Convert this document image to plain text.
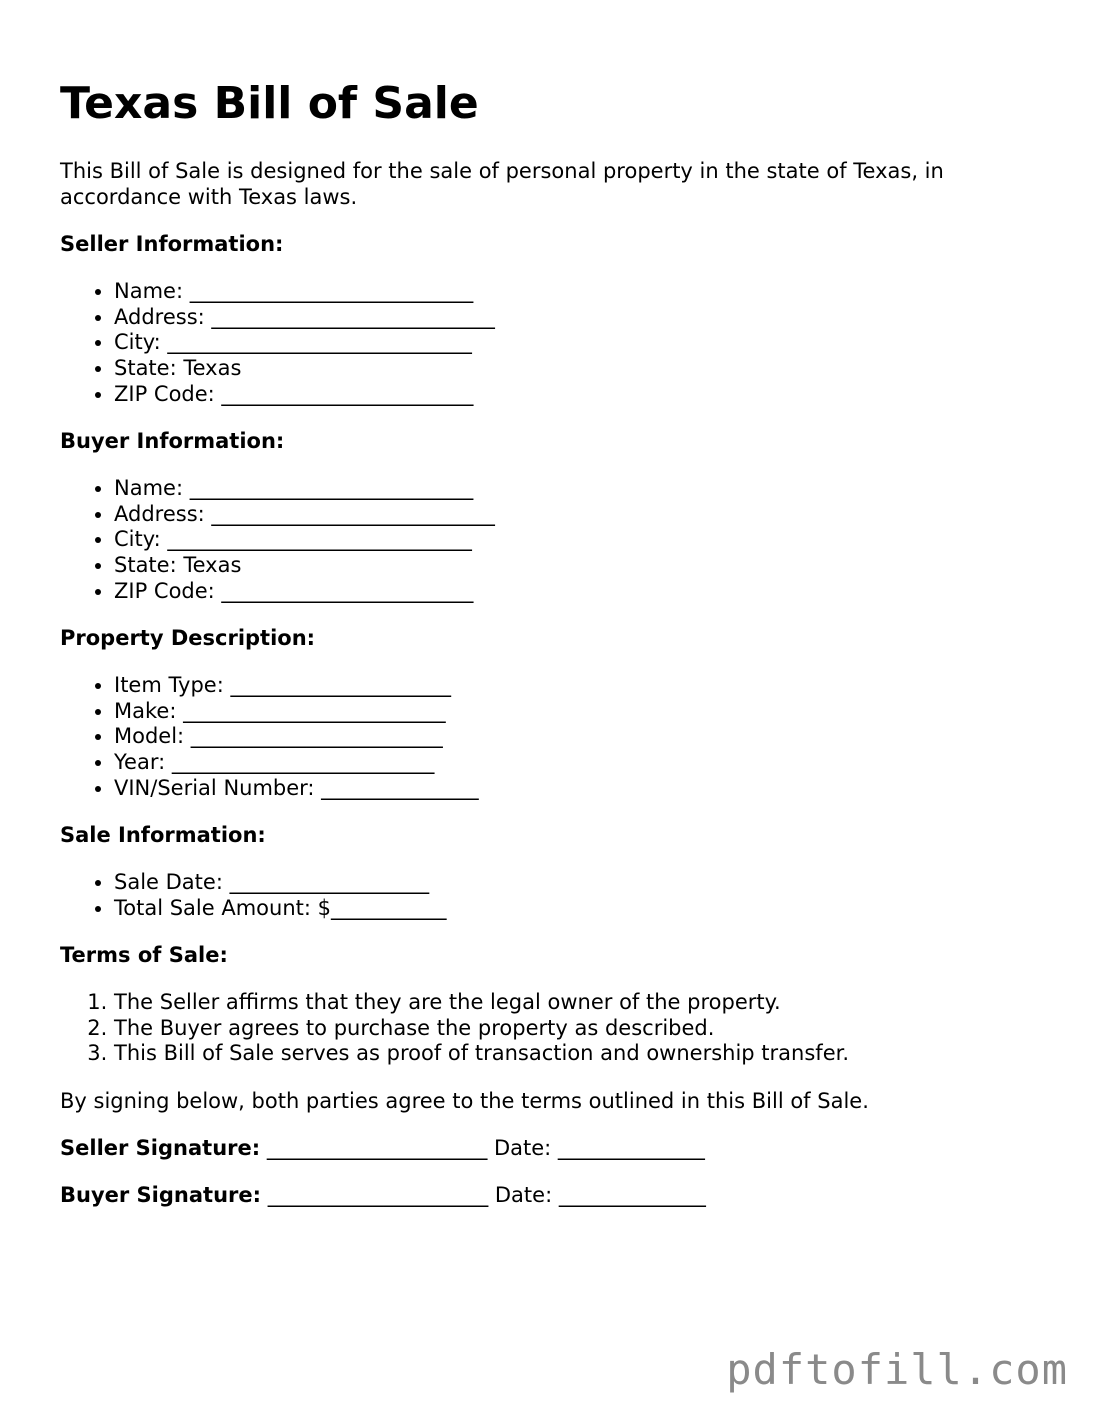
Texas Bill of Sale

This Bill of Sale is designed for the sale of personal property in the state of Texas, in accordance with Texas laws.

Seller Information:

• Name: ___________________________
• Address: ___________________________
• City: _____________________________
• State: Texas
• ZIP Code: ________________________

Buyer Information:

• Name: ___________________________
• Address: ___________________________
• City: _____________________________
• State: Texas
• ZIP Code: ________________________

Property Description:

• Item Type: _____________________
• Make: _________________________
• Model: ________________________
• Year: _________________________
• VIN/Serial Number: _______________

Sale Information:

• Sale Date: ___________________
• Total Sale Amount: $___________

Terms of Sale:

1. The Seller affirms that they are the legal owner of the property.
2. The Buyer agrees to purchase the property as described.
3. This Bill of Sale serves as proof of transaction and ownership transfer.

By signing below, both parties agree to the terms outlined in this Bill of Sale.

Seller Signature: _____________________ Date: ______________

Buyer Signature: _____________________ Date: ______________

pdftofill.com
